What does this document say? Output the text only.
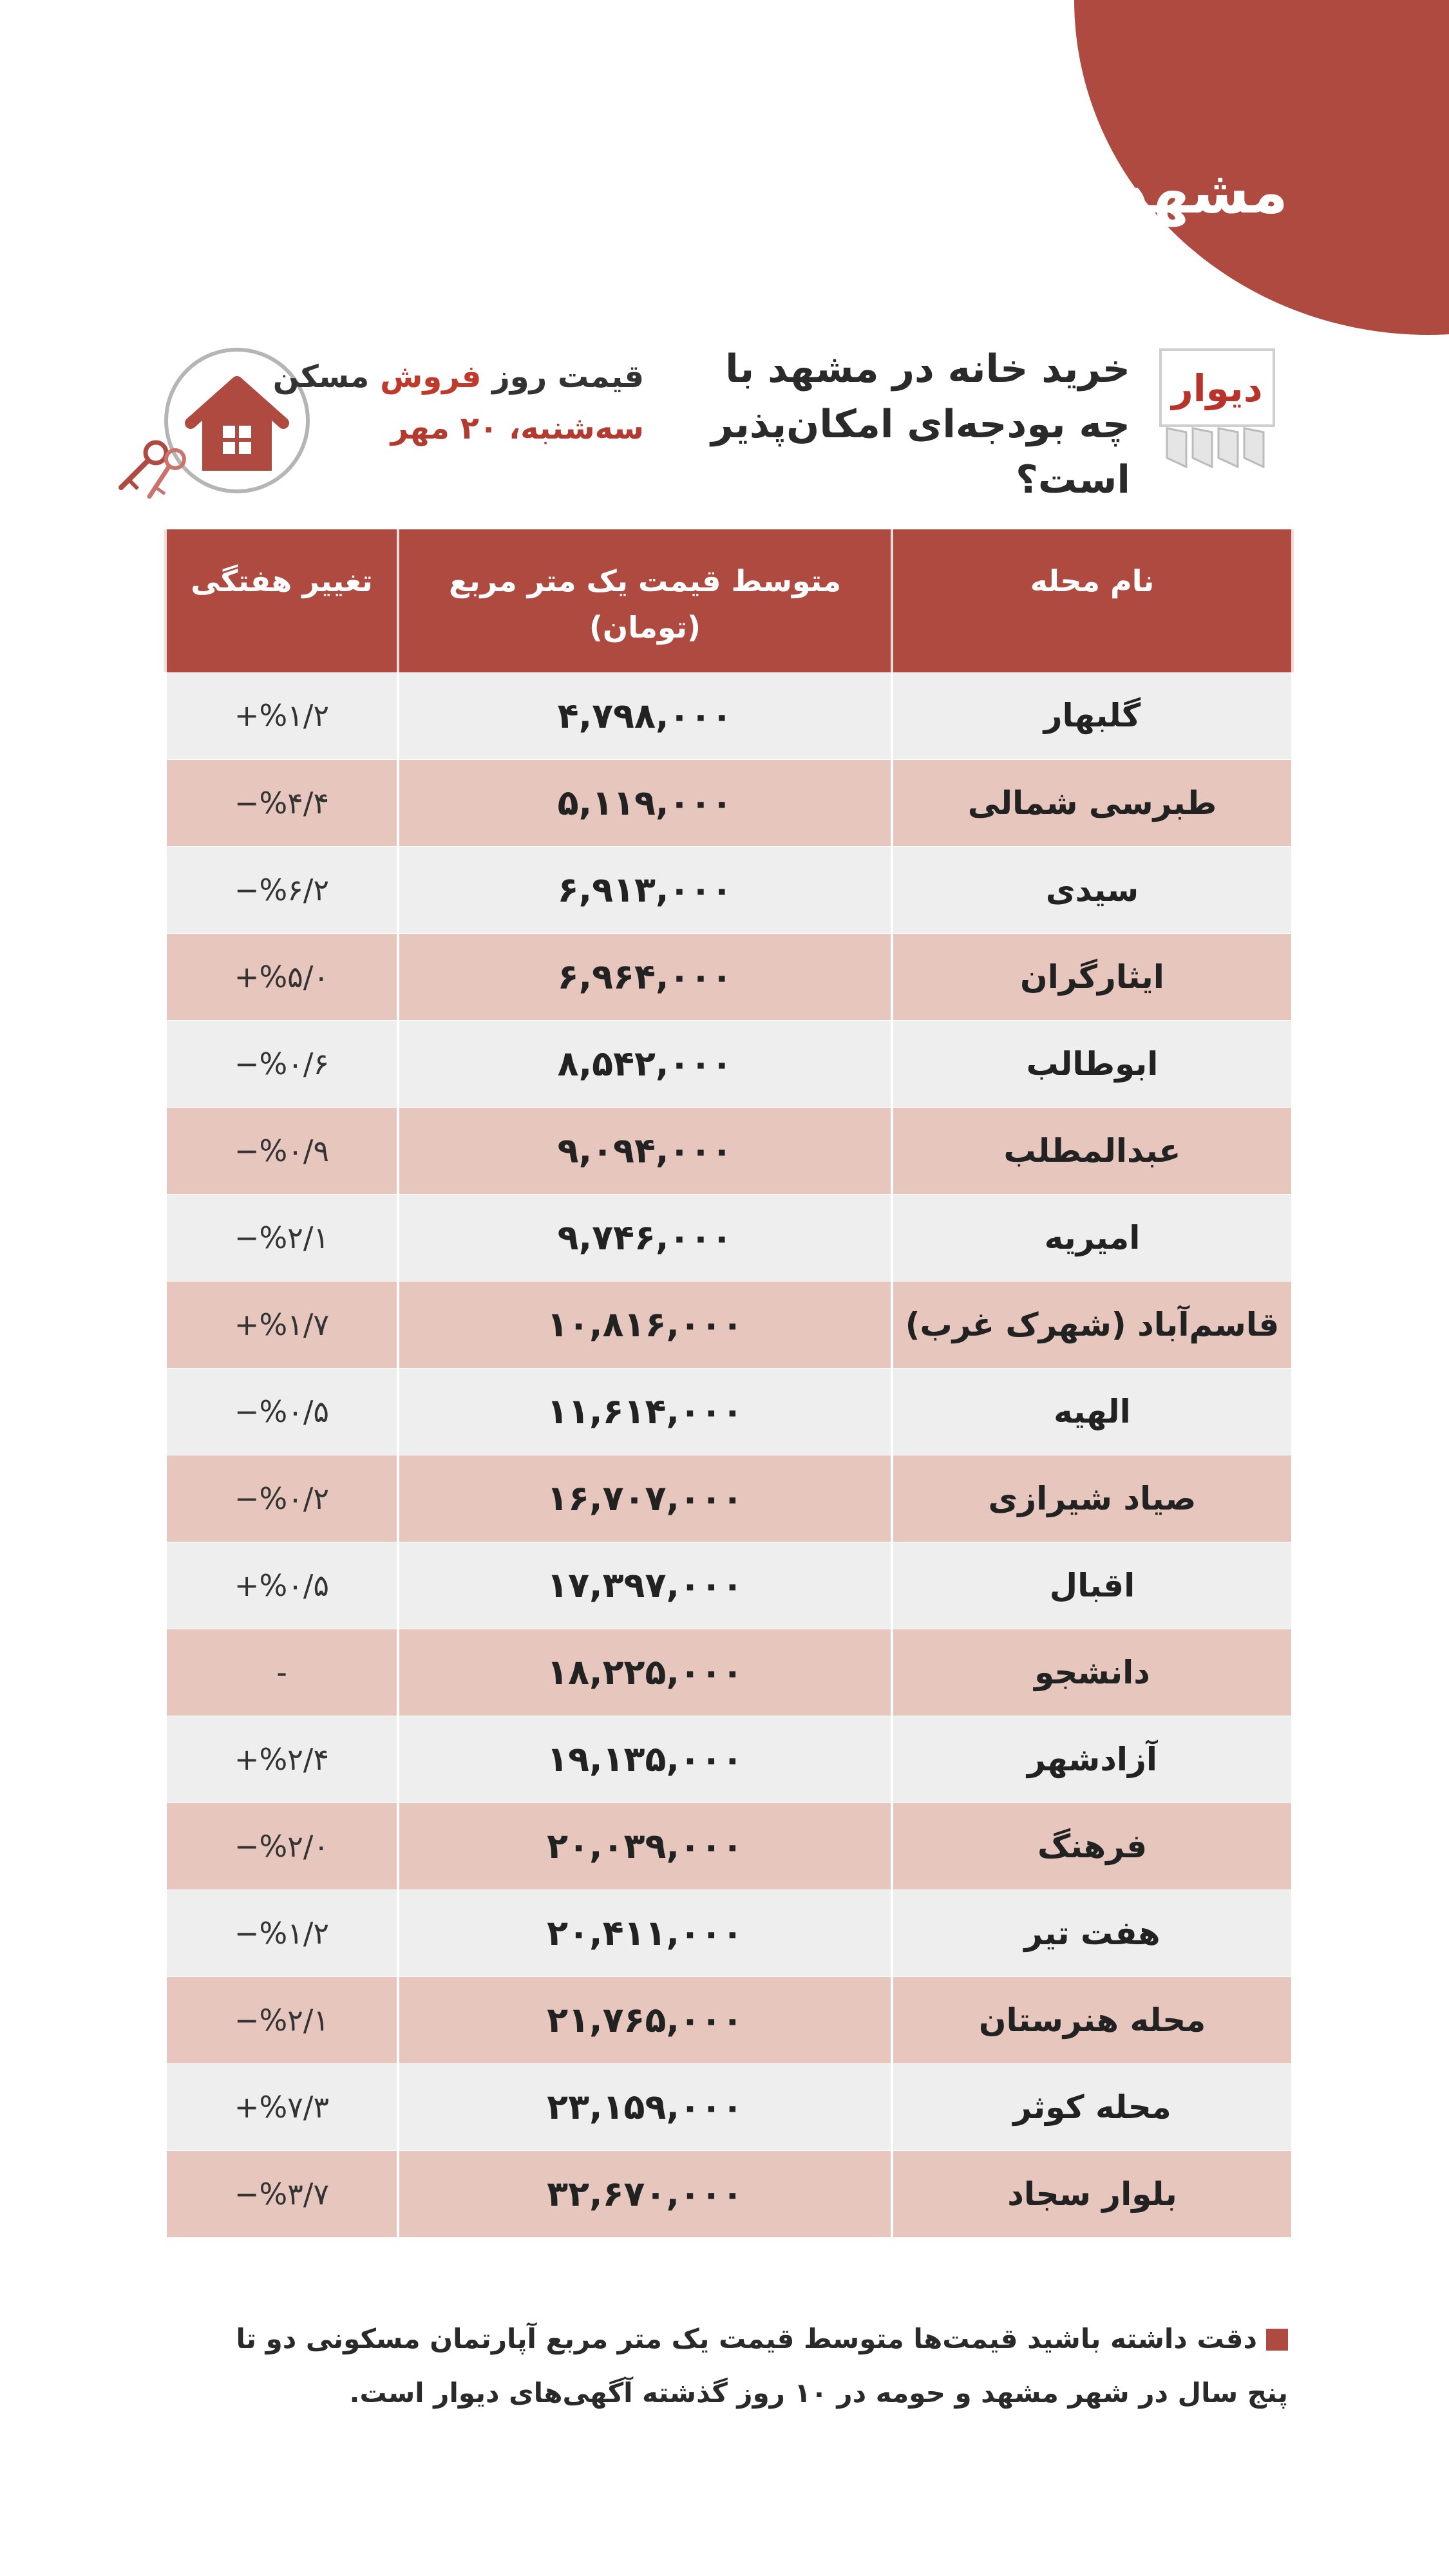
مشهد
دیوار
خرید خانه در مشهد با چه بودجه‌ای امکان‌پذیر است؟
قیمت روز فروش مسکن
سه‌شنبه، ۲۰ مهر
نام محله	متوسط قیمت یک متر مربع (تومان)	تغییر هفتگی
گلبهار	۴,۷۹۸,۰۰۰	+%۱/۲
طبرسی شمالی	۵,۱۱۹,۰۰۰	−%۴/۴
سیدی	۶,۹۱۳,۰۰۰	−%۶/۲
ایثارگران	۶,۹۶۴,۰۰۰	+%۵/۰
ابوطالب	۸,۵۴۲,۰۰۰	−%۰/۶
عبدالمطلب	۹,۰۹۴,۰۰۰	−%۰/۹
امیریه	۹,۷۴۶,۰۰۰	−%۲/۱
قاسم‌آباد (شهرک غرب)	۱۰,۸۱۶,۰۰۰	+%۱/۷
الهیه	۱۱,۶۱۴,۰۰۰	−%۰/۵
صیاد شیرازی	۱۶,۷۰۷,۰۰۰	−%۰/۲
اقبال	۱۷,۳۹۷,۰۰۰	+%۰/۵
دانشجو	۱۸,۲۲۵,۰۰۰	-
آزادشهر	۱۹,۱۳۵,۰۰۰	+%۲/۴
فرهنگ	۲۰,۰۳۹,۰۰۰	−%۲/۰
هفت تیر	۲۰,۴۱۱,۰۰۰	−%۱/۲
محله هنرستان	۲۱,۷۶۵,۰۰۰	−%۲/۱
محله کوثر	۲۳,۱۵۹,۰۰۰	+%۷/۳
بلوار سجاد	۳۲,۶۷۰,۰۰۰	−%۳/۷
دقت داشته باشید قیمت‌ها متوسط قیمت یک متر مربع آپارتمان مسکونی دو تا پنج سال در شهر مشهد و حومه در ۱۰ روز گذشته آگهی‌های دیوار است.
